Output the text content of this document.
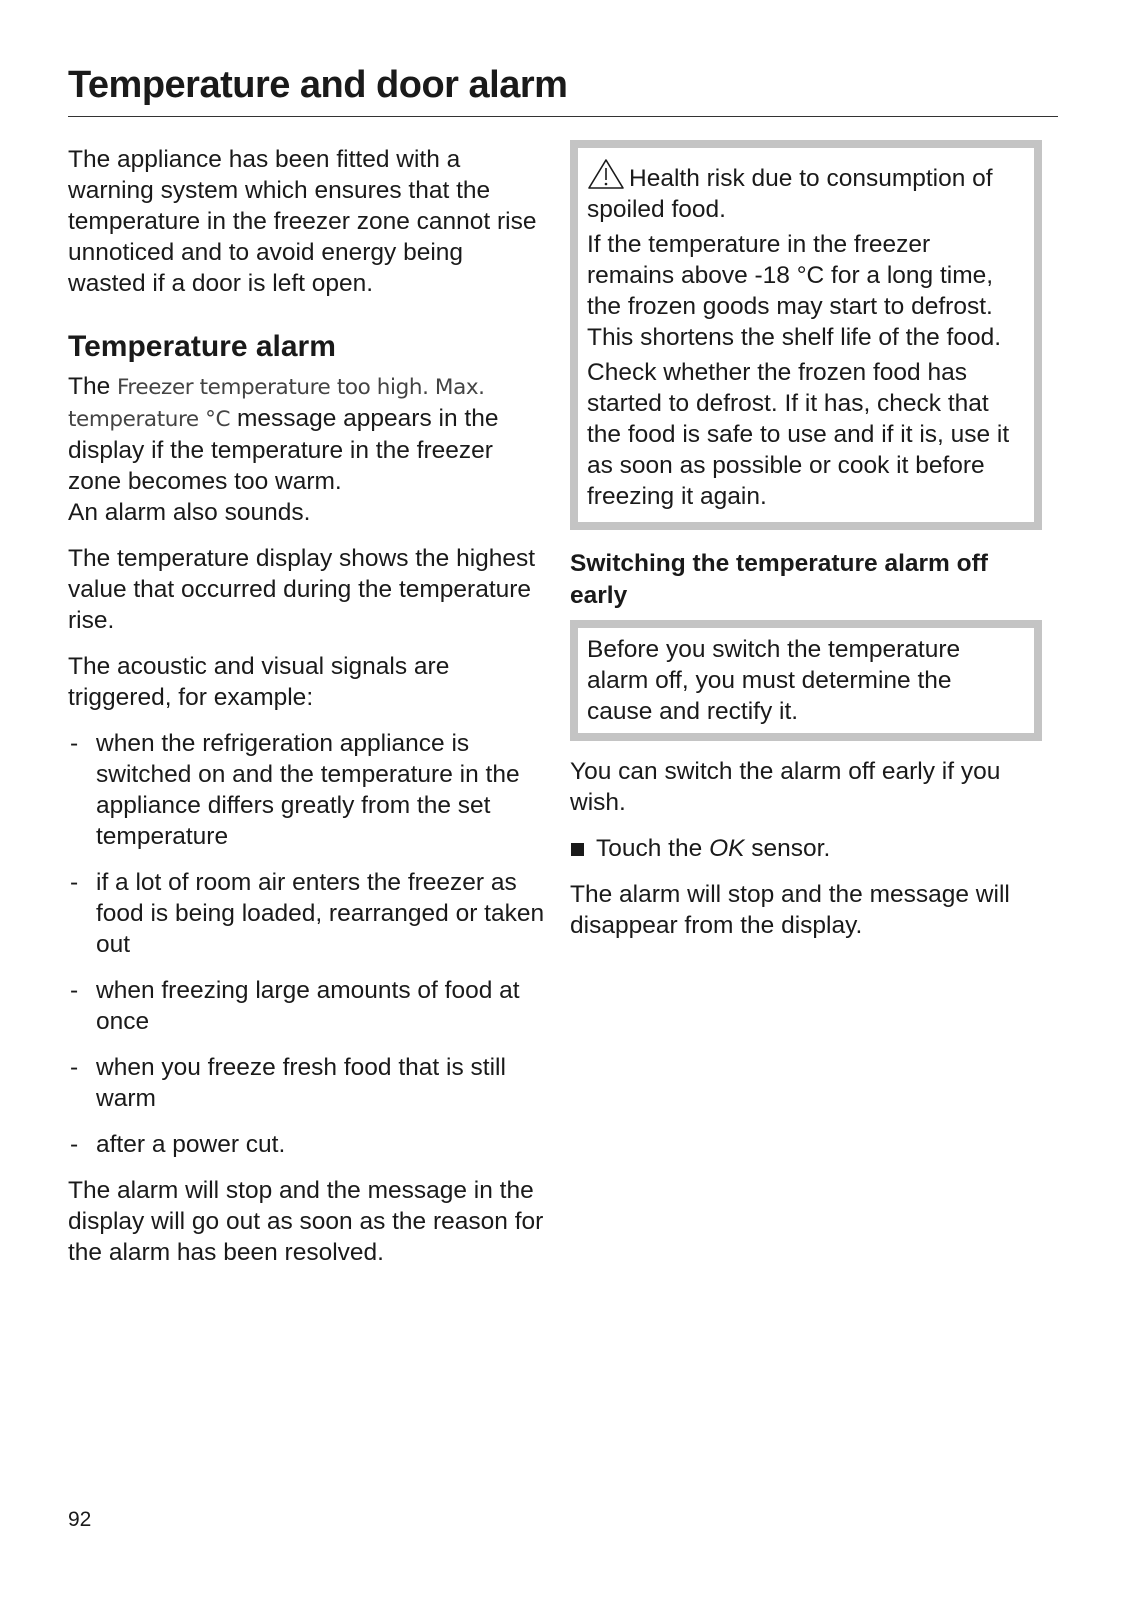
Temperature and door alarm

The appliance has been fitted with a warning system which ensures that the temperature in the freezer zone cannot rise unnoticed and to avoid energy being wasted if a door is left open.

Temperature alarm

The Freezer temperature too high. Max. temperature °C message appears in the display if the temperature in the freezer zone becomes too warm.
An alarm also sounds.

The temperature display shows the highest value that occurred during the temperature rise.

The acoustic and visual signals are triggered, for example:

- when the refrigeration appliance is switched on and the temperature in the appliance differs greatly from the set temperature
- if a lot of room air enters the freezer as food is being loaded, rearranged or taken out
- when freezing large amounts of food at once
- when you freeze fresh food that is still warm
- after a power cut.

The alarm will stop and the message in the display will go out as soon as the reason for the alarm has been resolved.

Health risk due to consumption of spoiled food.

If the temperature in the freezer remains above -18 °C for a long time, the frozen goods may start to defrost. This shortens the shelf life of the food.

Check whether the frozen food has started to defrost. If it has, check that the food is safe to use and if it is, use it as soon as possible or cook it before freezing it again.

Switching the temperature alarm off early

Before you switch the temperature alarm off, you must determine the cause and rectify it.

You can switch the alarm off early if you wish.

Touch the OK sensor.

The alarm will stop and the message will disappear from the display.

92
